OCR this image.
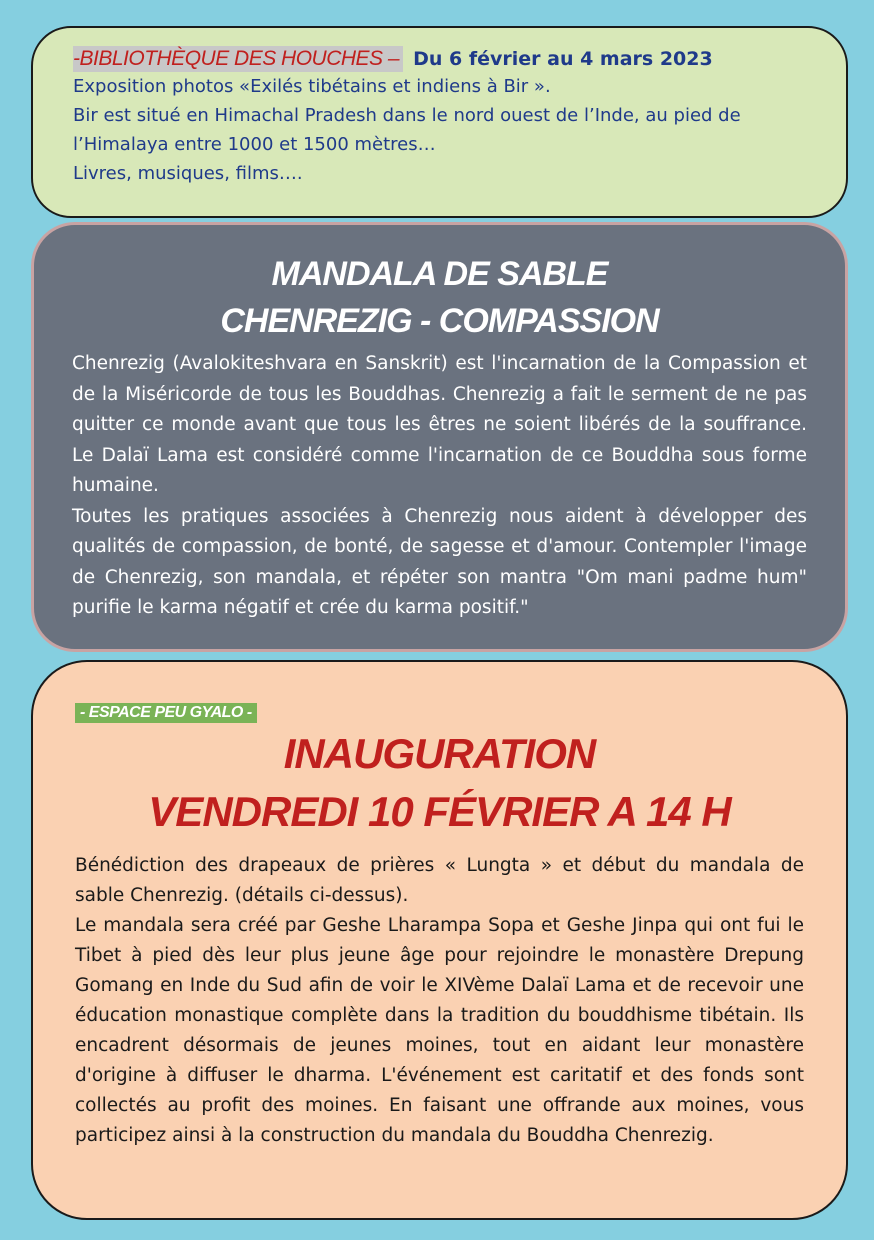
-BIBLIOTHÈQUE DES HOUCHES – Du 6 février au 4 mars 2023

Exposition photos «Exilés tibétains et indiens à Bir ».

Bir est situé en Himachal Pradesh dans le nord ouest de l’Inde, au pied de

l’Himalaya entre 1000 et 1500 mètres…

Livres, musiques, films….

MANDALA DE SABLE

CHENREZIG - COMPASSION

Chenrezig (Avalokiteshvara en Sanskrit) est l'incarnation de la Compassion et de la Miséricorde de tous les Bouddhas. Chenrezig a fait le serment de ne pas quitter ce monde avant que tous les êtres ne soient libérés de la souffrance. Le Dalaï Lama est considéré comme l'incarnation de ce Bouddha sous forme humaine.

Toutes les pratiques associées à Chenrezig nous aident à développer des qualités de compassion, de bonté, de sagesse et d'amour. Contempler l'image de Chenrezig, son mandala, et répéter son mantra "Om mani padme hum" purifie le karma négatif et crée du karma positif."

- ESPACE PEU GYALO -
INAUGURATION
VENDREDI 10 FÉVRIER A 14 H

Bénédiction des drapeaux de prières « Lungta » et début du mandala de sable Chenrezig. (détails ci-dessus).

Le mandala sera créé par Geshe Lharampa Sopa et Geshe Jinpa qui ont fui le Tibet à pied dès leur plus jeune âge pour rejoindre le monastère Drepung Gomang en Inde du Sud afin de voir le XIVème Dalaï Lama et de recevoir une éducation monastique complète dans la tradition du bouddhisme tibétain. Ils encadrent désormais de jeunes moines, tout en aidant leur monastère d'origine à diffuser le dharma. L'événement est caritatif et des fonds sont collectés au profit des moines. En faisant une offrande aux moines, vous participez ainsi à la construction du mandala du Bouddha Chenrezig.
